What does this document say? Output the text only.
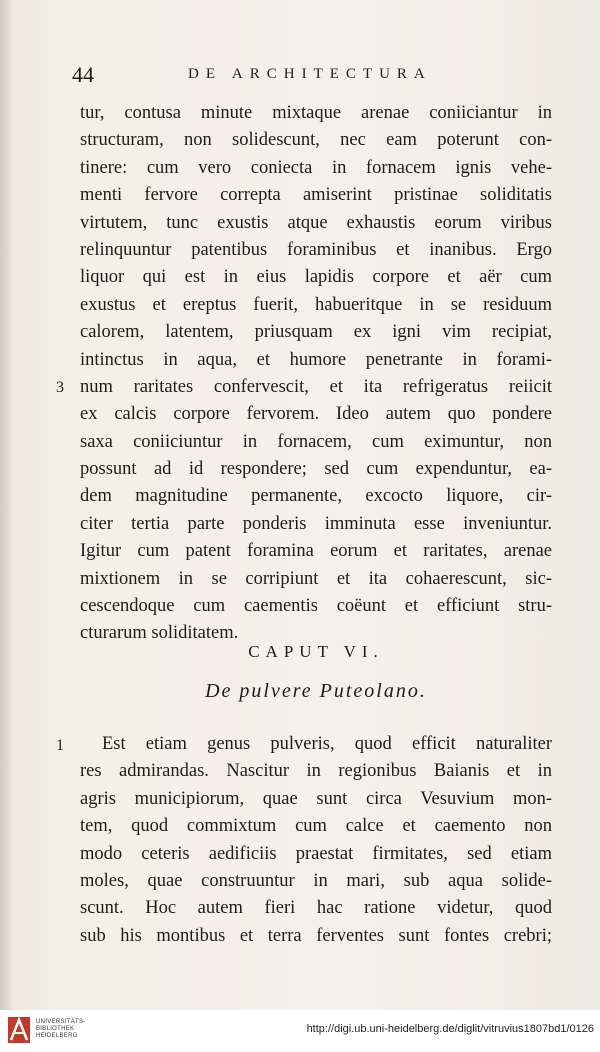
44	DE ARCHITECTURA
tur, contusa minute mixtaque arenae coniiciantur in
structuram, non solidescunt, nec eam poterunt con-
tinere: cum vero coniecta in fornacem ignis vehe-
menti fervore correpta amiserint pristinae soliditatis
virtutem, tunc exustis atque exhaustis eorum viribus
relinquuntur patentibus foraminibus et inanibus. Ergo
liquor qui est in eius lapidis corpore et aër cum
exustus et ereptus fuerit, habueritque in se residuum
calorem, latentem, priusquam ex igni vim recipiat,
intinctus in aqua, et humore penetrante in forami-
num raritates confervescit, et ita refrigeratus reiicit
ex calcis corpore fervorem. Ideo autem quo pondere
saxa coniiciuntur in fornacem, cum eximuntur, non
possunt ad id respondere; sed cum expenduntur, ea-
dem magnitudine permanente, excocto liquore, cir-
citer tertia parte ponderis imminuta esse inveniuntur.
Igitur cum patent foramina eorum et raritates, arenae
mixtionem in se corripiunt et ita cohaerescunt, sic-
cescendoque cum caementis coëunt et efficiunt stru-
cturarum soliditatem.
3
CAPUT VI.
De pulvere Puteolano.
1	Est etiam genus pulveris, quod efficit naturaliter
res admirandas. Nascitur in regionibus Baianis et in
agris municipiorum, quae sunt circa Vesuvium mon-
tem, quod commixtum cum calce et caemento non
modo ceteris aedificiis praestat firmitates, sed etiam
moles, quae construuntur in mari, sub aqua solide-
scunt. Hoc autem fieri hac ratione videtur, quod
sub his montibus et terra ferventes sunt fontes crebri;
UNIVERSITÄTS-
BIBLIOTHEK
HEIDELBERG
http://digi.ub.uni-heidelberg.de/diglit/vitruvius1807bd1/0126
